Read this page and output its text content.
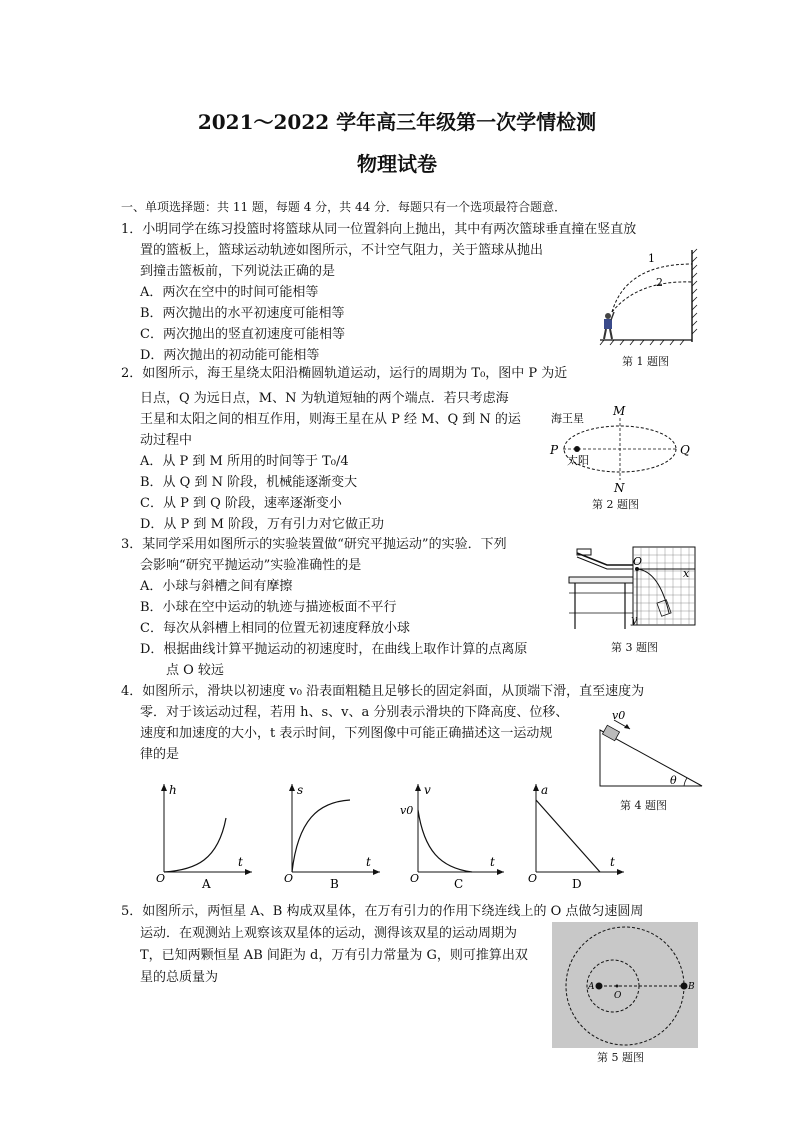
2021～2022 学年高三年级第一次学情检测
物理试卷
一、单项选择题：共 11 题，每题 4 分，共 44 分．每题只有一个选项最符合题意．
1．小明同学在练习投篮时将篮球从同一位置斜向上抛出，其中有两次篮球垂直撞在竖直放
置的篮板上，篮球运动轨迹如图所示，不计空气阻力，关于篮球从抛出
到撞击篮板前，下列说法正确的是
A．两次在空中的时间可能相等
B．两次抛出的水平初速度可能相等
C．两次抛出的竖直初速度可能相等
D．两次抛出的初动能可能相等
1
2
第 1 题图
2．如图所示，海王星绕太阳沿椭圆轨道运动，运行的周期为 T₀，图中 P 为近
日点，Q 为远日点，M、N 为轨道短轴的两个端点．若只考虑海
王星和太阳之间的相互作用，则海王星在从 P 经 M、Q 到 N 的运
动过程中
A．从 P 到 M 所用的时间等于 T₀/4
B．从 Q 到 N 阶段，机械能逐渐变大
C．从 P 到 Q 阶段，速率逐渐变小
D．从 P 到 M 阶段，万有引力对它做正功
海王星
太阳
M
N
P	Q
第 2 题图
3．某同学采用如图所示的实验装置做“研究平抛运动”的实验．下列
会影响“研究平抛运动”实验准确性的是
A．小球与斜槽之间有摩擦
B．小球在空中运动的轨迹与描迹板面不平行
C．每次从斜槽上相同的位置无初速度释放小球
D．根据曲线计算平抛运动的初速度时，在曲线上取作计算的点离原
点 O 较远
O
x
y
第 3 题图
4．如图所示，滑块以初速度 v₀ 沿表面粗糙且足够长的固定斜面，从顶端下滑，直至速度为
零．对于该运动过程，若用 h、s、v、a 分别表示滑块的下降高度、位移、
速度和加速度的大小，t 表示时间，下列图像中可能正确描述这一运动规
律的是
v0
θ
第 4 题图
h
t
O	A
s
t
O	B
v
v0
t
O	C
a
t
O	D
5．如图所示，两恒星 A、B 构成双星体，在万有引力的作用下绕连线上的 O 点做匀速圆周
运动．在观测站上观察该双星体的运动，测得该双星的运动周期为
T，已知两颗恒星 AB 间距为 d，万有引力常量为 G，则可推算出双
星的总质量为
A	B
O
第 5 题图
